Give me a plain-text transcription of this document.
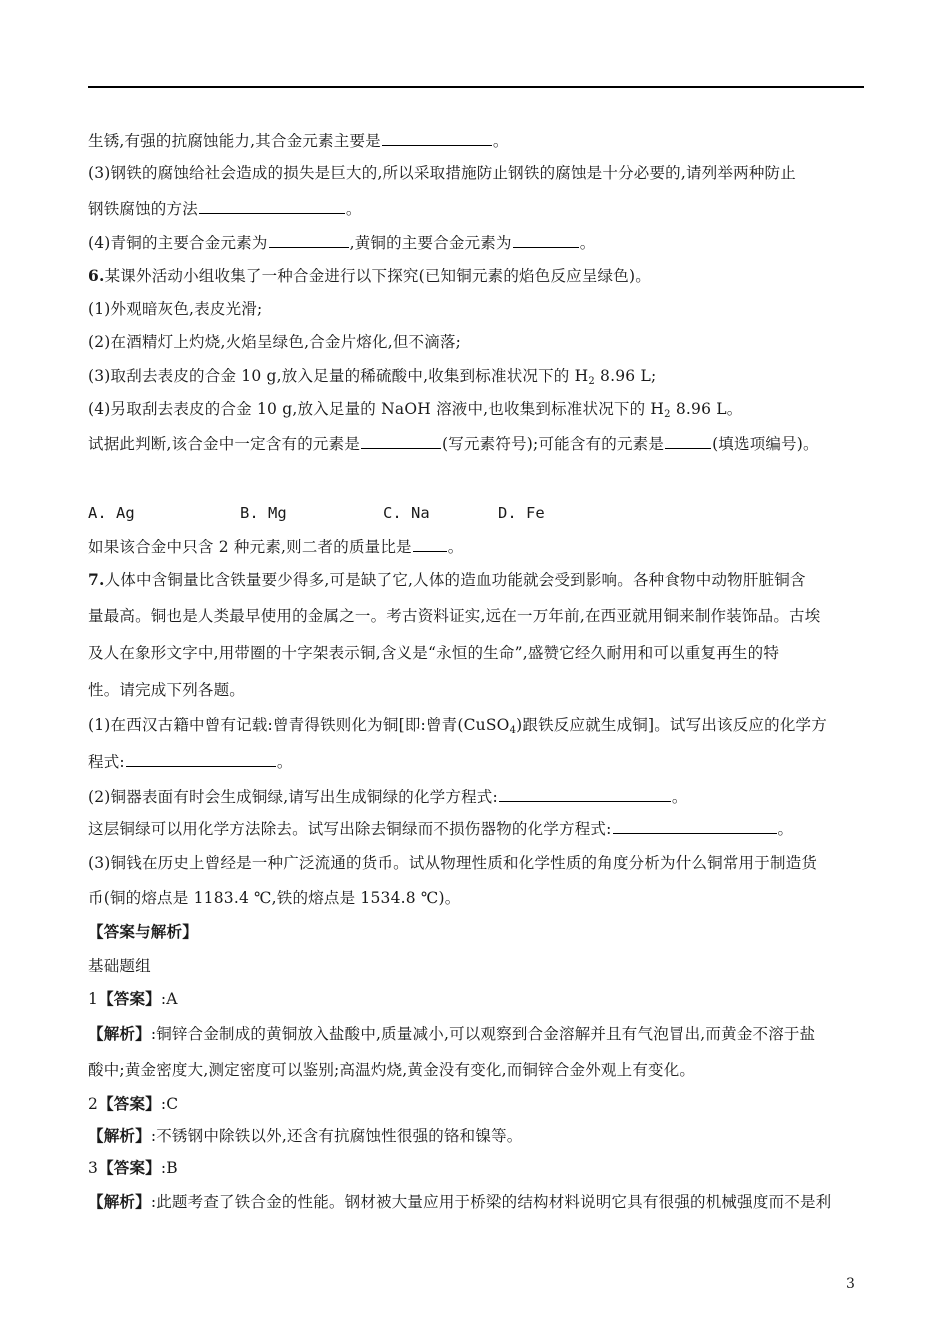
生锈,有强的抗腐蚀能力,其合金元素主要是	。
(3)钢铁的腐蚀给社会造成的损失是巨大的,所以采取措施防止钢铁的腐蚀是十分必要的,请列举两种防止
钢铁腐蚀的方法	。
(4)青铜的主要合金元素为	,黄铜的主要合金元素为	。
6.某课外活动小组收集了一种合金进行以下探究(已知铜元素的焰色反应呈绿色)。
(1)外观暗灰色,表皮光滑;
(2)在酒精灯上灼烧,火焰呈绿色,合金片熔化,但不滴落;
(3)取刮去表皮的合金 10 g,放入足量的稀硫酸中,收集到标准状况下的 $H_2$ 8.96 L;
(4)另取刮去表皮的合金 10 g,放入足量的 NaOH 溶液中,也收集到标准状况下的 $H_2$ 8.96 L。
试据此判断,该合金中一定含有的元素是	(写元素符号);可能含有的元素是	(填选项编号)。
A. Ag	B. Mg	C. Na	D. Fe
如果该合金中只含 2 种元素,则二者的质量比是 。
7.人体中含铜量比含铁量要少得多,可是缺了它,人体的造血功能就会受到影响。各种食物中动物肝脏铜含
量最高。铜也是人类最早使用的金属之一。考古资料证实,远在一万年前,在西亚就用铜来制作装饰品。古埃
及人在象形文字中,用带圈的十字架表示铜,含义是“永恒的生命”,盛赞它经久耐用和可以重复再生的特
性。请完成下列各题。
(1)在西汉古籍中曾有记载:曾青得铁则化为铜[即:曾青(CuSO$_4$)跟铁反应就生成铜]。试写出该反应的化学方
程式:	。
(2)铜器表面有时会生成铜绿,请写出生成铜绿的化学方程式:	。
这层铜绿可以用化学方法除去。试写出除去铜绿而不损伤器物的化学方程式:	。
(3)铜钱在历史上曾经是一种广泛流通的货币。试从物理性质和化学性质的角度分析为什么铜常用于制造货
币(铜的熔点是 1183.4 ℃,铁的熔点是 1534.8 ℃)。
【答案与解析】
基础题组
1【答案】:A
【解析】:铜锌合金制成的黄铜放入盐酸中,质量减小,可以观察到合金溶解并且有气泡冒出,而黄金不溶于盐
酸中;黄金密度大,测定密度可以鉴别;高温灼烧,黄金没有变化,而铜锌合金外观上有变化。
2【答案】:C
【解析】:不锈钢中除铁以外,还含有抗腐蚀性很强的铬和镍等。
3【答案】:B
【解析】:此题考查了铁合金的性能。钢材被大量应用于桥梁的结构材料说明它具有很强的机械强度而不是利
3
